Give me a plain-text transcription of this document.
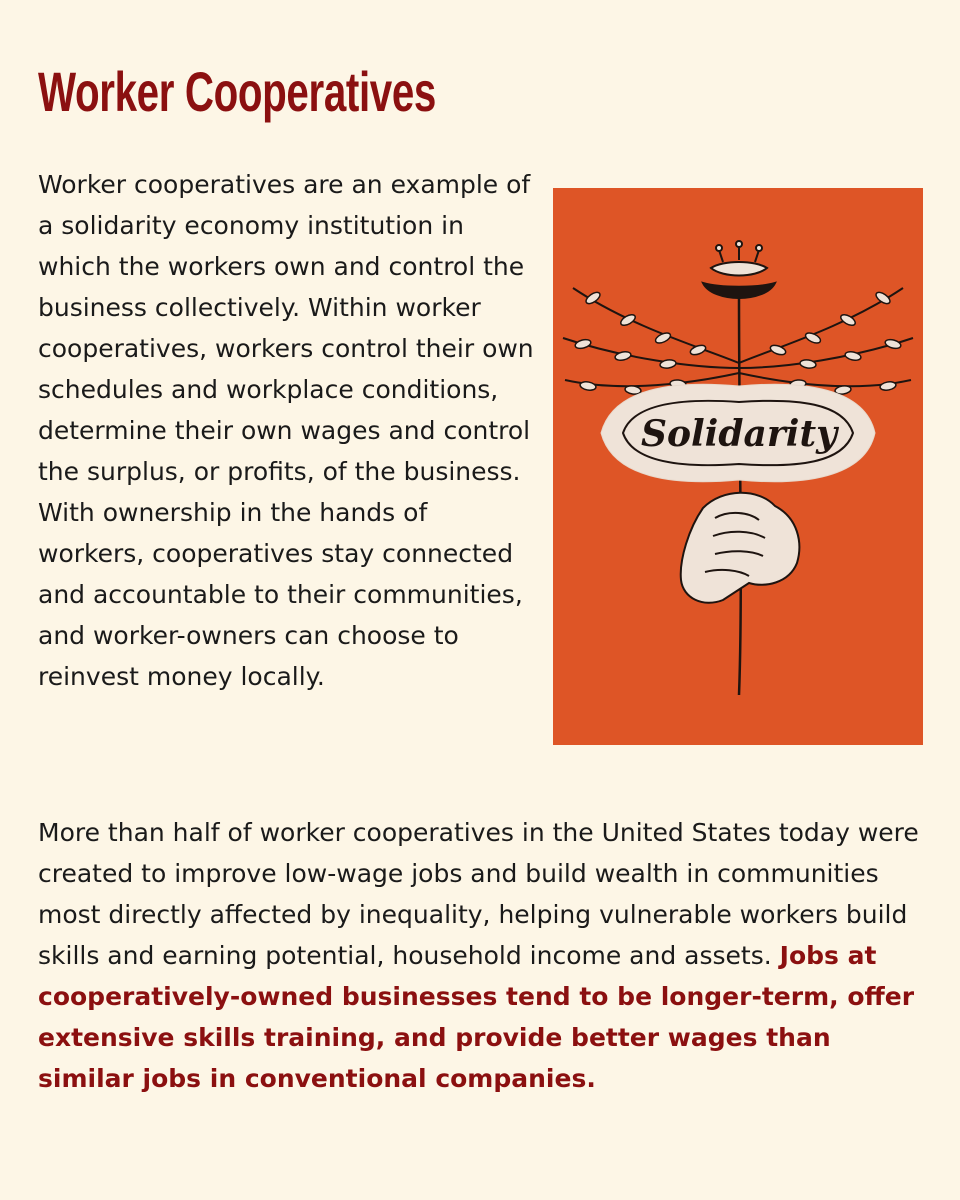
Worker Cooperatives

Worker cooperatives are an example of a solidarity economy institution in which the workers own and control the business collectively. Within worker cooperatives, workers control their own schedules and workplace conditions, determine their own wages and control the surplus, or profits, of the business. With ownership in the hands of workers, cooperatives stay connected and accountable to their communities, and worker-owners can choose to reinvest money locally.

Solidarity

More than half of worker cooperatives in the United States today were created to improve low-wage jobs and build wealth in communities most directly affected by inequality, helping vulnerable workers build skills and earning potential, household income and assets. Jobs at cooperatively-owned businesses tend to be longer-term, offer extensive skills training, and provide better wages than similar jobs in conventional companies.
